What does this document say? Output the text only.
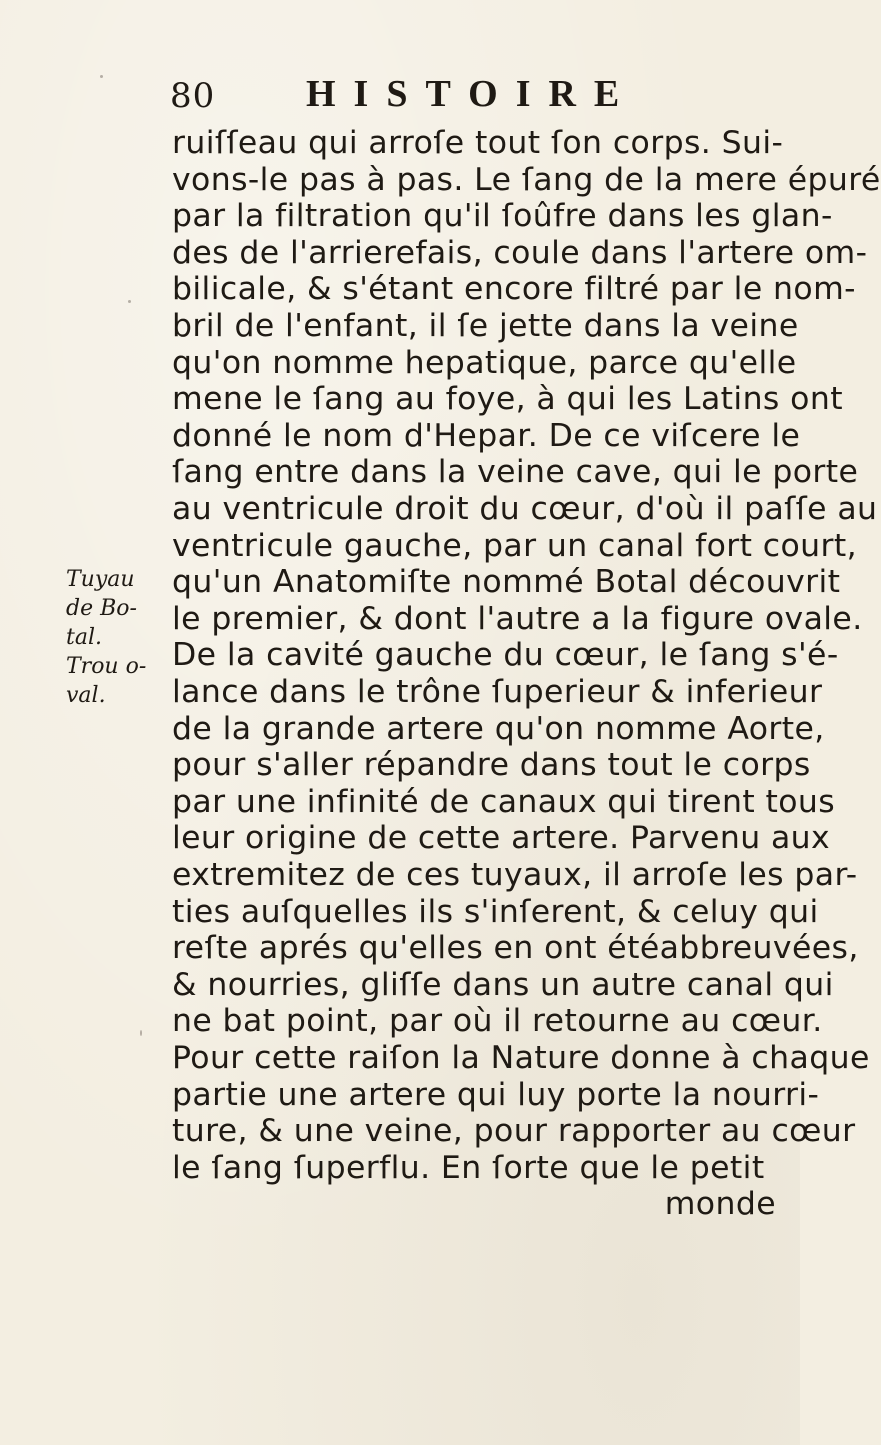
80 HISTOIRE
Tuyau
de Bo-
tal.
Trou o-
val.
ruiſſeau qui arroſe tout ſon corps. Sui-
vons-le pas à pas. Le ſang de la mere épuré
par la filtration qu'il ſoûfre dans les glan-
des de l'arrierefais, coule dans l'artere om-
bilicale, & s'étant encore filtré par le nom-
bril de l'enfant, il ſe jette dans la veine
qu'on nomme hepatique, parce qu'elle
mene le ſang au foye, à qui les Latins ont
donné le nom d'Hepar. De ce viſcere le
ſang entre dans la veine cave, qui le porte
au ventricule droit du cœur, d'où il paſſe au
ventricule gauche, par un canal fort court,
qu'un Anatomiſte nommé Botal découvrit
le premier, & dont l'autre a la figure ovale.
De la cavité gauche du cœur, le ſang s'é-
lance dans le trône ſuperieur & inferieur
de la grande artere qu'on nomme Aorte,
pour s'aller répandre dans tout le corps
par une infinité de canaux qui tirent tous
leur origine de cette artere. Parvenu aux
extremitez de ces tuyaux, il arroſe les par-
ties auſquelles ils s'inſerent, & celuy qui
reſte aprés qu'elles en ont étéabbreuvées,
& nourries, gliſſe dans un autre canal qui
ne bat point, par où il retourne au cœur.
Pour cette raiſon la Nature donne à chaque
partie une artere qui luy porte la nourri-
ture, & une veine, pour rapporter au cœur
le ſang ſuperflu. En ſorte que le petit
monde
